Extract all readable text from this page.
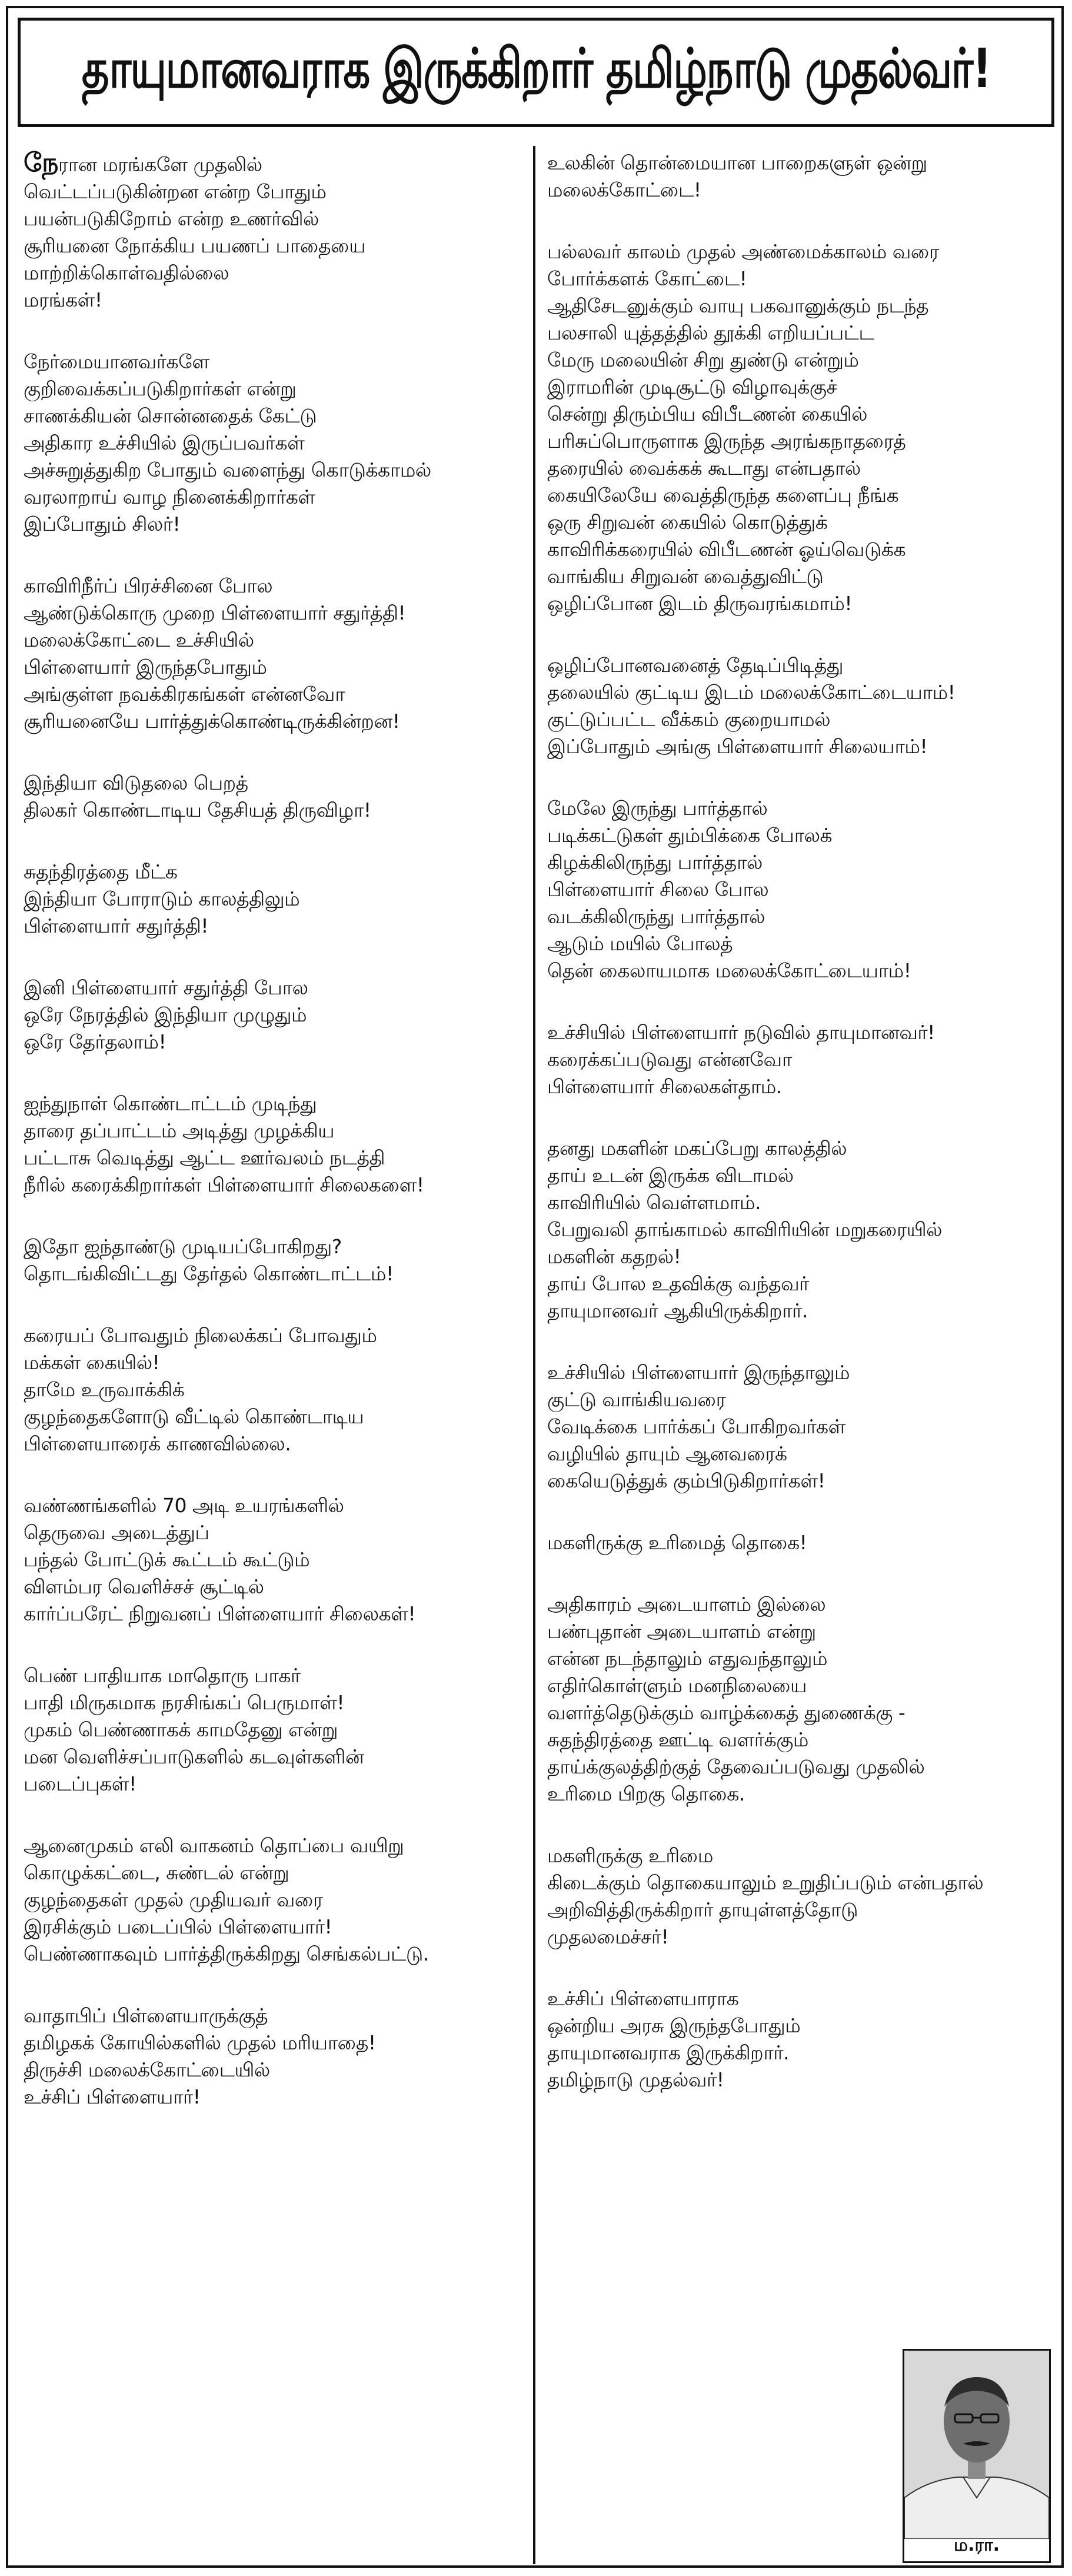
தாயுமானவராக இருக்கிறார் தமிழ்நாடு முதல்வர்!
நேரான மரங்களே முதலில்
வெட்டப்படுகின்றன என்ற போதும்
பயன்படுகிறோம் என்ற உணர்வில்
சூரியனை நோக்கிய பயணப் பாதையை
மாற்றிக்கொள்வதில்லை
மரங்கள்!
நேர்மையானவர்களே
குறிவைக்கப்படுகிறார்கள் என்று
சாணக்கியன் சொன்னதைக் கேட்டு
அதிகார உச்சியில் இருப்பவர்கள்
அச்சுறுத்துகிற போதும் வளைந்து கொடுக்காமல்
வரலாறாய் வாழ நினைக்கிறார்கள்
இப்போதும் சிலர்!
காவிரிநீர்ப் பிரச்சினை போல
ஆண்டுக்கொரு முறை பிள்ளையார் சதுர்த்தி!
மலைக்கோட்டை உச்சியில்
பிள்ளையார் இருந்தபோதும்
அங்குள்ள நவக்கிரகங்கள் என்னவோ
சூரியனையே பார்த்துக்கொண்டிருக்கின்றன!
இந்தியா விடுதலை பெறத்
திலகர் கொண்டாடிய தேசியத் திருவிழா!
சுதந்திரத்தை மீட்க
இந்தியா போராடும் காலத்திலும்
பிள்ளையார் சதுர்த்தி!
இனி பிள்ளையார் சதுர்த்தி போல
ஒரே நேரத்தில் இந்தியா முழுதும்
ஒரே தேர்தலாம்!
ஐந்துநாள் கொண்டாட்டம் முடிந்து
தாரை தப்பாட்டம் அடித்து முழக்கிய
பட்டாசு வெடித்து ஆட்ட ஊர்வலம் நடத்தி
நீரில் கரைக்கிறார்கள் பிள்ளையார் சிலைகளை!
இதோ ஐந்தாண்டு முடியப்போகிறது?
தொடங்கிவிட்டது தேர்தல் கொண்டாட்டம்!
கரையப் போவதும் நிலைக்கப் போவதும்
மக்கள் கையில்!
தாமே உருவாக்கிக்
குழந்தைகளோடு வீட்டில் கொண்டாடிய
பிள்ளையாரைக் காணவில்லை.
வண்ணங்களில் 70 அடி உயரங்களில்
தெருவை அடைத்துப்
பந்தல் போட்டுக் கூட்டம் கூட்டும்
விளம்பர வெளிச்சச் சூட்டில்
கார்ப்பரேட் நிறுவனப் பிள்ளையார் சிலைகள்!
பெண் பாதியாக மாதொரு பாகர்
பாதி மிருகமாக நரசிங்கப் பெருமாள்!
முகம் பெண்ணாகக் காமதேனு என்று
மன வெளிச்சப்பாடுகளில் கடவுள்களின்
படைப்புகள்!
ஆனைமுகம் எலி வாகனம் தொப்பை வயிறு
கொழுக்கட்டை, சுண்டல் என்று
குழந்தைகள் முதல் முதியவர் வரை
இரசிக்கும் படைப்பில் பிள்ளையார்!
பெண்ணாகவும் பார்த்திருக்கிறது செங்கல்பட்டு.
வாதாபிப் பிள்ளையாருக்குத்
தமிழகக் கோயில்களில் முதல் மரியாதை!
திருச்சி மலைக்கோட்டையில்
உச்சிப் பிள்ளையார்!
உலகின் தொன்மையான பாறைகளுள் ஒன்று
மலைக்கோட்டை!
பல்லவர் காலம் முதல் அண்மைக்காலம் வரை
போர்க்களக் கோட்டை!
ஆதிசேடனுக்கும் வாயு பகவானுக்கும் நடந்த
பலசாலி யுத்தத்தில் தூக்கி எறியப்பட்ட
மேரு மலையின் சிறு துண்டு என்றும்
இராமரின் முடிசூட்டு விழாவுக்குச்
சென்று திரும்பிய விபீடணன் கையில்
பரிசுப்பொருளாக இருந்த அரங்கநாதரைத்
தரையில் வைக்கக் கூடாது என்பதால்
கையிலேயே வைத்திருந்த களைப்பு நீங்க
ஒரு சிறுவன் கையில் கொடுத்துக்
காவிரிக்கரையில் விபீடணன் ஓய்வெடுக்க
வாங்கிய சிறுவன் வைத்துவிட்டு
ஒழிப்போன இடம் திருவரங்கமாம்!
ஒழிப்போனவனைத் தேடிப்பிடித்து
தலையில் குட்டிய இடம் மலைக்கோட்டையாம்!
குட்டுப்பட்ட வீக்கம் குறையாமல்
இப்போதும் அங்கு பிள்ளையார் சிலையாம்!
மேலே இருந்து பார்த்தால்
படிக்கட்டுகள் தும்பிக்கை போலக்
கிழக்கிலிருந்து பார்த்தால்
பிள்ளையார் சிலை போல
வடக்கிலிருந்து பார்த்தால்
ஆடும் மயில் போலத்
தென் கைலாயமாக மலைக்கோட்டையாம்!
உச்சியில் பிள்ளையார் நடுவில் தாயுமானவர்!
கரைக்கப்படுவது என்னவோ
பிள்ளையார் சிலைகள்தாம்.
தனது மகளின் மகப்பேறு காலத்தில்
தாய் உடன் இருக்க விடாமல்
காவிரியில் வெள்ளமாம்.
பேறுவலி தாங்காமல் காவிரியின் மறுகரையில்
மகளின் கதறல்!
தாய் போல உதவிக்கு வந்தவர்
தாயுமானவர் ஆகியிருக்கிறார்.
உச்சியில் பிள்ளையார் இருந்தாலும்
குட்டு வாங்கியவரை
வேடிக்கை பார்க்கப் போகிறவர்கள்
வழியில் தாயும் ஆனவரைக்
கையெடுத்துக் கும்பிடுகிறார்கள்!
மகளிருக்கு உரிமைத் தொகை!
அதிகாரம் அடையாளம் இல்லை
பண்புதான் அடையாளம் என்று
என்ன நடந்தாலும் எதுவந்தாலும்
எதிர்கொள்ளும் மனநிலையை
வளர்த்தெடுக்கும் வாழ்க்கைத் துணைக்கு -
சுதந்திரத்தை ஊட்டி வளர்க்கும்
தாய்க்குலத்திற்குத் தேவைப்படுவது முதலில்
உரிமை பிறகு தொகை.
மகளிருக்கு உரிமை
கிடைக்கும் தொகையாலும் உறுதிப்படும் என்பதால்
அறிவித்திருக்கிறார் தாயுள்ளத்தோடு
முதலமைச்சர்!
உச்சிப் பிள்ளையாராக
ஒன்றிய அரசு இருந்தபோதும்
தாயுமானவராக இருக்கிறார்.
தமிழ்நாடு முதல்வர்!
ம.ரா.
